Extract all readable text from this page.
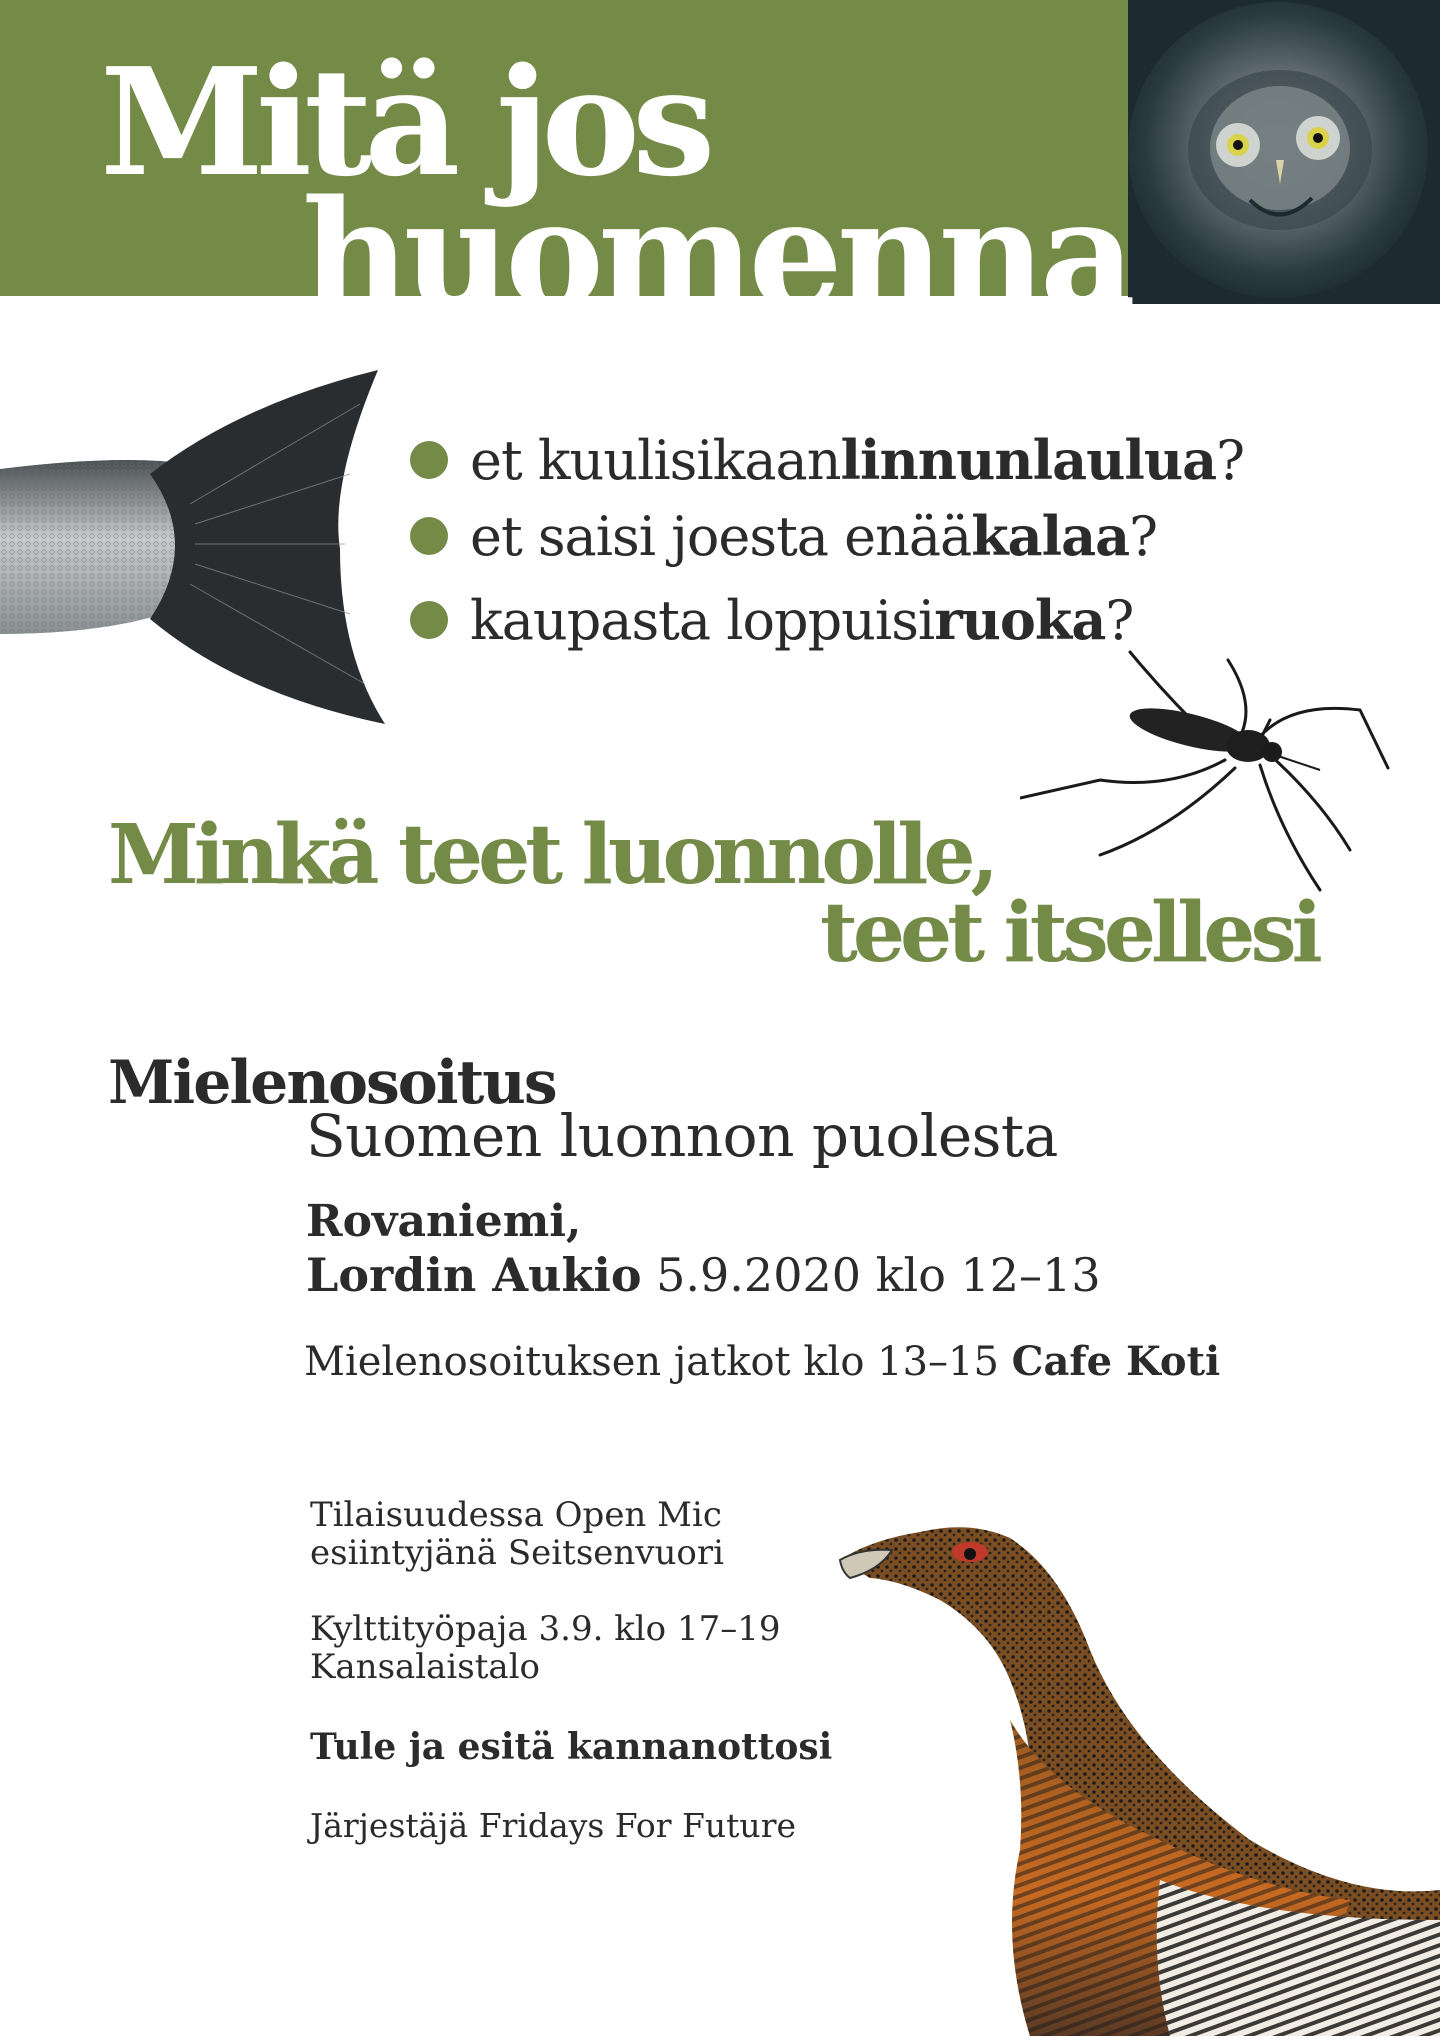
Mitä jos
huomenna
et kuulisikaan linnunlaulua ?
et saisi joesta enää kalaa ?
kaupasta loppuisi ruoka ?
Minkä teet luonnolle,
teet itsellesi
Mielenosoitus
Suomen luonnon puolesta
Rovaniemi,
Lordin Aukio 5.9.2020 klo 12–13
Mielenosoituksen jatkot klo 13–15 Cafe Koti
Tilaisuudessa Open Mic
esiintyjänä Seitsenvuori
Kylttityöpaja 3.9. klo 17–19
Kansalaistalo
Tule ja esitä kannanottosi
Järjestäjä Fridays For Future
